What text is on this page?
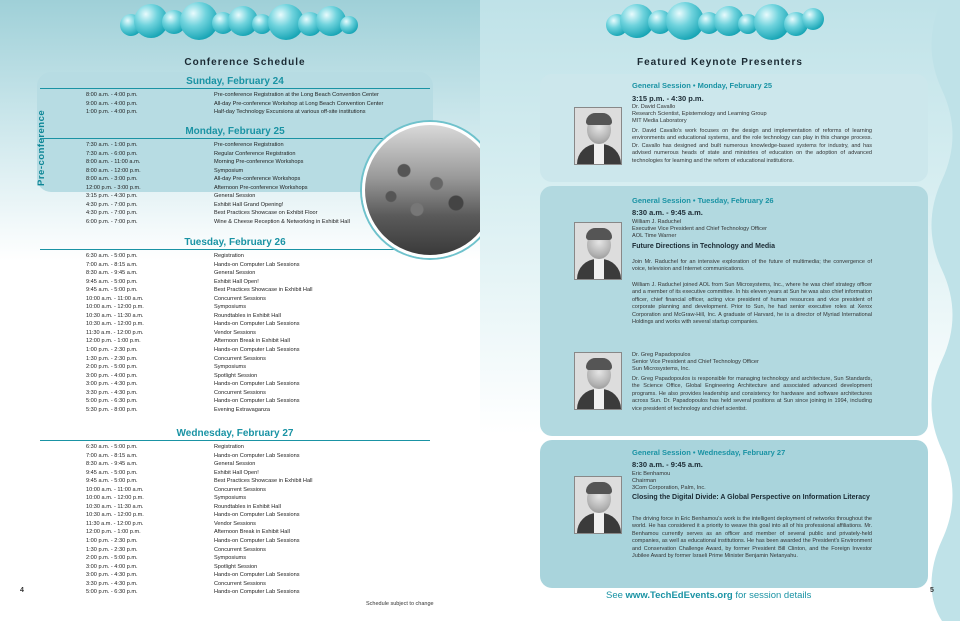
Conference Schedule
Pre-conference
Sunday, February 24
8:00 a.m. - 4:00 p.m.	Pre-conference Registration at the Long Beach Convention Center
9:00 a.m. - 4:00 p.m.	All-day Pre-conference Workshop at Long Beach Convention Center
1:00 p.m. - 4:00 p.m.	Half-day Technology Excursions at various off-site institutions
Monday, February 25
7:30 a.m. - 1:00 p.m.	Pre-conference Registration
7:30 a.m. - 6:00 p.m.	Regular Conference Registration
8:00 a.m. - 11:00 a.m.	Morning Pre-conference Workshops
8:00 a.m. - 12:00 p.m.	Symposium
8:00 a.m. - 3:00 p.m.	All-day Pre-conference Workshops
12:00 p.m. - 3:00 p.m.	Afternoon Pre-conference Workshops
3:15 p.m. - 4:30 p.m.	General Session
4:30 p.m. - 7:00 p.m.	Exhibit Hall Grand Opening!
4:30 p.m. - 7:00 p.m.	Best Practices Showcase on Exhibit Floor
6:00 p.m. - 7:00 p.m.	Wine & Cheese Reception & Networking in Exhibit Hall
Tuesday, February 26
6:30 a.m. - 5:00 p.m.	Registration
7:00 a.m. - 8:15 a.m.	Hands-on Computer Lab Sessions
8:30 a.m. - 9:45 a.m.	General Session
9:45 a.m. - 5:00 p.m.	Exhibit Hall Open!
9:45 a.m. - 5:00 p.m.	Best Practices Showcase in Exhibit Hall
10:00 a.m. - 11:00 a.m.	Concurrent Sessions
10:00 a.m. - 12:00 p.m.	Symposiums
10:30 a.m. - 11:30 a.m.	Roundtables in Exhibit Hall
10:30 a.m. - 12:00 p.m.	Hands-on Computer Lab Sessions
11:30 a.m. - 12:00 p.m.	Vendor Sessions
12:00 p.m. - 1:00 p.m.	Afternoon Break in Exhibit Hall
1:00 p.m. - 2:30 p.m.	Hands-on Computer Lab Sessions
1:30 p.m. - 2:30 p.m.	Concurrent Sessions
2:00 p.m. - 5:00 p.m.	Symposiums
3:00 p.m. - 4:00 p.m.	Spotlight Session
3:00 p.m. - 4:30 p.m.	Hands-on Computer Lab Sessions
3:30 p.m. - 4:30 p.m.	Concurrent Sessions
5:00 p.m. - 6:30 p.m.	Hands-on Computer Lab Sessions
5:30 p.m. - 8:00 p.m.	Evening Extravaganza
Wednesday, February 27
6:30 a.m. - 5:00 p.m.	Registration
7:00 a.m. - 8:15 a.m.	Hands-on Computer Lab Sessions
8:30 a.m. - 9:45 a.m.	General Session
9:45 a.m. - 5:00 p.m.	Exhibit Hall Open!
9:45 a.m. - 5:00 p.m.	Best Practices Showcase in Exhibit Hall
10:00 a.m. - 11:00 a.m.	Concurrent Sessions
10:00 a.m. - 12:00 p.m.	Symposiums
10:30 a.m. - 11:30 a.m.	Roundtables in Exhibit Hall
10:30 a.m. - 12:00 p.m.	Hands-on Computer Lab Sessions
11:30 a.m. - 12:00 p.m.	Vendor Sessions
12:00 p.m. - 1:00 p.m.	Afternoon Break in Exhibit Hall
1:00 p.m. - 2:30 p.m.	Hands-on Computer Lab Sessions
1:30 p.m. - 2:30 p.m.	Concurrent Sessions
2:00 p.m. - 5:00 p.m.	Symposiums
3:00 p.m. - 4:00 p.m.	Spotlight Session
3:00 p.m. - 4:30 p.m.	Hands-on Computer Lab Sessions
3:30 p.m. - 4:30 p.m.	Concurrent Sessions
5:00 p.m. - 6:30 p.m.	Hands-on Computer Lab Sessions
4
Schedule subject to change
Featured Keynote Presenters
General Session • Monday, February 25
3:15 p.m. - 4:30 p.m.
Dr. David Cavallo
Research Scientist, Epistemology and Learning Group
MIT Media Laboratory
Dr. David Cavallo's work focuses on the design and implementation of reforms of learning environments and educational systems, and the role technology can play in this change process. Dr. Cavallo has designed and built numerous knowledge-based systems for industry, and has advised numerous heads of state and ministries of education on the adoption of advanced technologies for learning and the reform of educational institutions.
General Session • Tuesday, February 26
8:30 a.m. - 9:45 a.m.
William J. Raduchel
Executive Vice President and Chief Technology Officer
AOL Time Warner
Future Directions in Technology and Media
Join Mr. Raduchel for an intensive exploration of the future of multimedia; the convergence of voice, television and Internet communications.
William J. Raduchel joined AOL from Sun Microsystems, Inc., where he was chief strategy officer and a member of its executive committee. In his eleven years at Sun he was also chief information officer, chief financial officer, acting vice president of human resources and vice president of corporate planning and development. Prior to Sun, he had senior executive roles at Xerox Corporation and McGraw-Hill, Inc. A graduate of Harvard, he is a director of Myriad International Holdings and works with several startup companies.
Dr. Greg Papadopoulos
Senior Vice President and Chief Technology Officer
Sun Microsystems, Inc.
Dr. Greg Papadopoulos is responsible for managing technology and architecture, Sun Standards, the Science Office, Global Engineering Architecture and associated advanced development programs. He also provides leadership and consistency for hardware and software architectures across Sun. Dr. Papadopoulos has held several positions at Sun since joining in 1994, including vice president of technology and chief scientist.
General Session • Wednesday, February 27
8:30 a.m. - 9:45 a.m.
Eric Benhamou
Chairman
3Com Corporation, Palm, Inc.
Closing the Digital Divide: A Global Perspective on Information Literacy
The driving force in Eric Benhamou's work is the intelligent deployment of networks throughout the world. He has considered it a priority to weave this goal into all of his professional affiliations. Mr. Benhamou currently serves as an officer and member of several public and privately-held companies, as well as educational institutions. He has been awarded the President's Environment and Conservation Challenge Award, by former President Bill Clinton, and the Foreign Investor Jubilee Award by former Israeli Prime Minister Benjamin Netanyahu.
See www.TechEdEvents.org for session details	5
